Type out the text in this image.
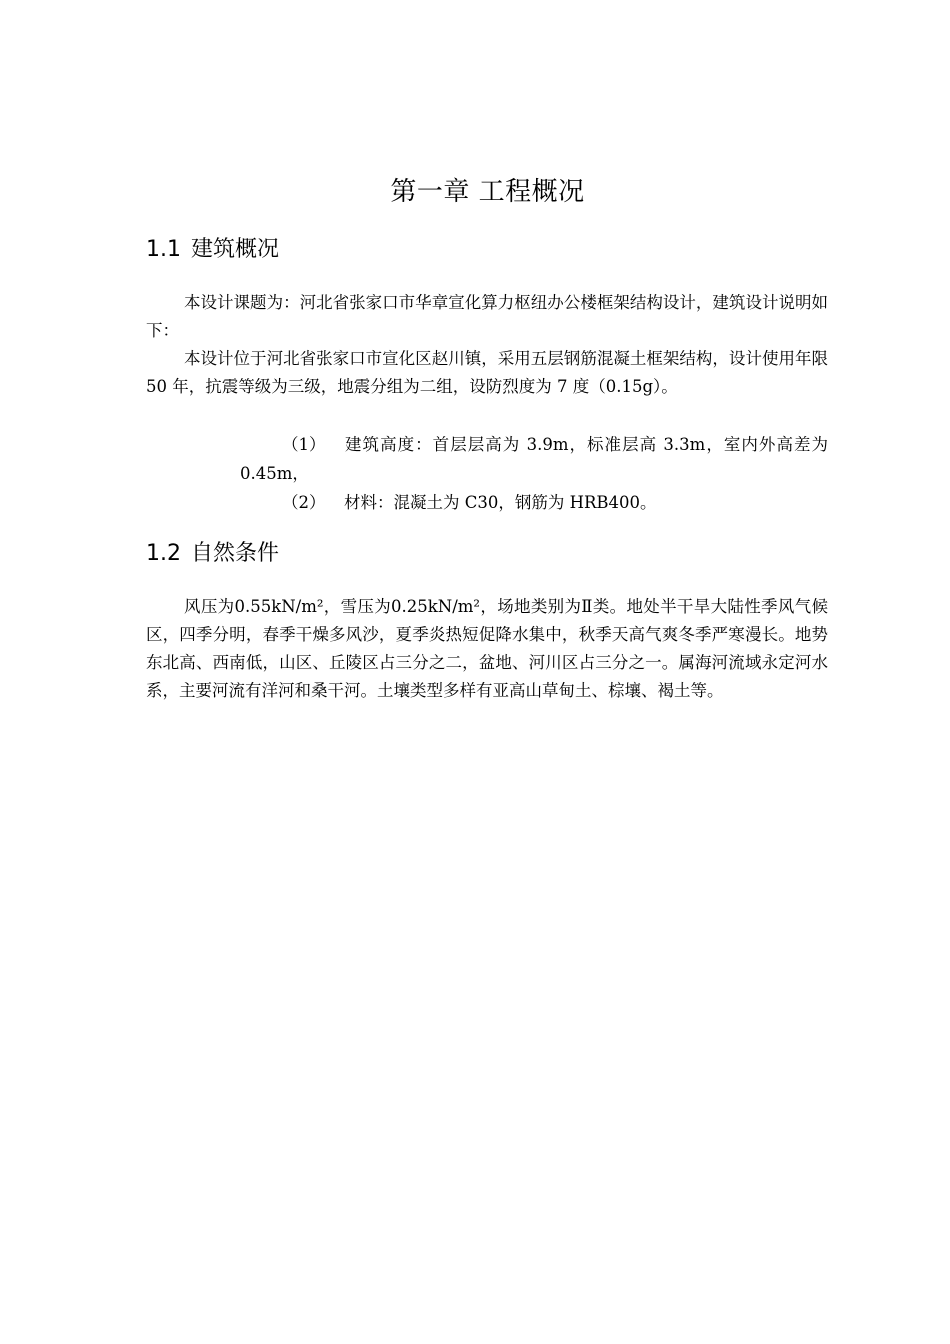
第一章 工程概况
1.1 建筑概况
本设计课题为：河北省张家口市华章宣化算力枢纽办公楼框架结构设计，建筑设计说明如下：
本设计位于河北省张家口市宣化区赵川镇，采用五层钢筋混凝土框架结构，设计使用年限 50 年，抗震等级为三级，地震分组为二组，设防烈度为 7 度（0.15g）。
（1） 建筑高度：首层层高为 3.9m，标准层高 3.3m，室内外高差为 0.45m，
（2） 材料：混凝土为 C30，钢筋为 HRB400。
1.2 自然条件
风压为0.55kN/m²，雪压为0.25kN/m²，场地类别为Ⅱ类。地处半干旱大陆性季风气候区，四季分明，春季干燥多风沙，夏季炎热短促降水集中，秋季天高气爽冬季严寒漫长。地势东北高、西南低，山区、丘陵区占三分之二，盆地、河川区占三分之一。属海河流域永定河水系，主要河流有洋河和桑干河。土壤类型多样有亚高山草甸土、棕壤、褐土等。
